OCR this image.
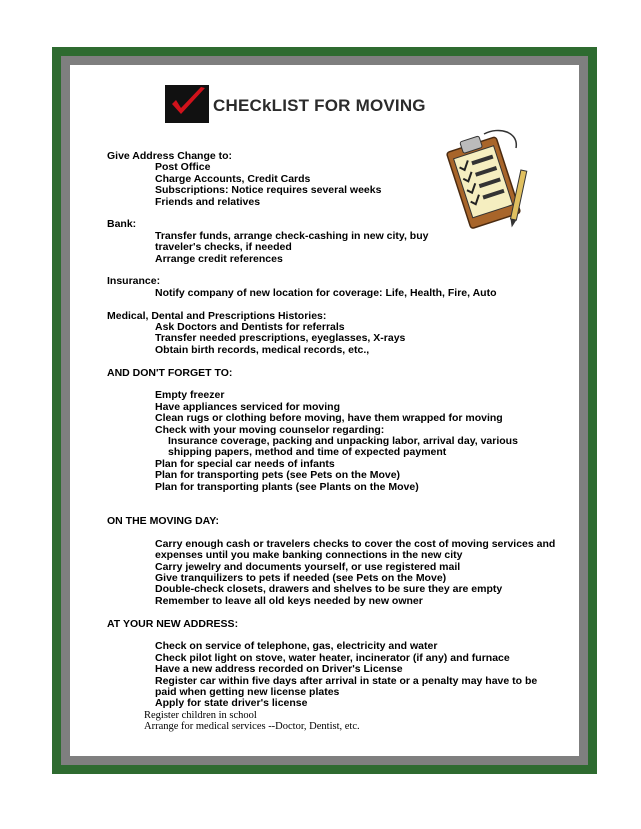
CHECkLIST FOR MOVING
Give Address Change to:
Post Office
Charge Accounts, Credit Cards
Subscriptions: Notice requires several weeks
Friends and relatives
Bank:
Transfer funds, arrange check-cashing in new city, buy
traveler's checks, if needed
Arrange credit references
Insurance:
Notify company of new location for coverage: Life, Health, Fire, Auto
Medical, Dental and Prescriptions Histories:
Ask Doctors and Dentists for referrals
Transfer needed prescriptions, eyeglasses, X-rays
Obtain birth records, medical records, etc.,
AND DON'T FORGET TO:
Empty freezer
Have appliances serviced for moving
Clean rugs or clothing before moving, have them wrapped for moving
Check with your moving counselor regarding:
Insurance coverage, packing and unpacking labor, arrival day, various
shipping papers, method and time of expected payment
Plan for special car needs of infants
Plan for transporting pets (see Pets on the Move)
Plan for transporting plants (see Plants on the Move)
ON THE MOVING DAY:
Carry enough cash or travelers checks to cover the cost of moving services and
expenses until you make banking connections in the new city
Carry jewelry and documents yourself, or use registered mail
Give tranquilizers to pets if needed (see Pets on the Move)
Double-check closets, drawers and shelves to be sure they are empty
Remember to leave all old keys needed by new owner
AT YOUR NEW ADDRESS:
Check on service of telephone, gas, electricity and water
Check pilot light on stove, water heater, incinerator (if any) and furnace
Have a new address recorded on Driver's License
Register car within five days after arrival in state or a penalty may have to be
paid when getting new license plates
Apply for state driver's license
Register children in school
Arrange for medical services --Doctor, Dentist, etc.
